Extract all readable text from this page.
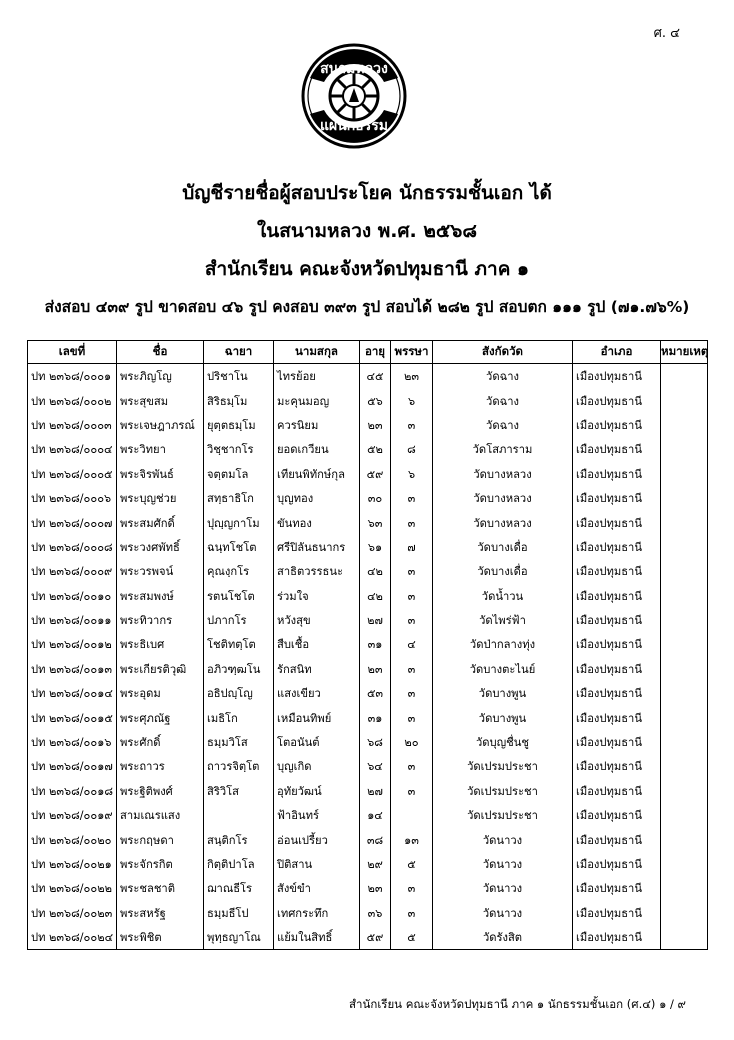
ศ. ๔
สนามหลวง
แผนกธรรม
บัญชีรายชื่อผู้สอบประโยค นักธรรมชั้นเอก ได้
ในสนามหลวง พ.ศ. ๒๕๖๘
สำนักเรียน คณะจังหวัดปทุมธานี ภาค ๑
ส่งสอบ ๔๓๙ รูป ขาดสอบ ๔๖ รูป คงสอบ ๓๙๓ รูป สอบได้ ๒๘๒ รูป สอบตก ๑๑๑ รูป (๗๑.๗๖%)
เลขที่	ชื่อ	ฉายา	นามสกุล	อายุ	พรรษา	สังกัดวัด	อำเภอ	หมายเหตุ
ปท ๒๓๖๘/๐๐๐๑	พระภิญโญ	ปริชาโน	ไทรย้อย	๔๕	๒๓	วัดฉาง	เมืองปทุมธานี	
ปท ๒๓๖๘/๐๐๐๒	พระสุขสม	สิริธมฺโม	มะคุนมอญ	๕๖	๖	วัดฉาง	เมืองปทุมธานี	
ปท ๒๓๖๘/๐๐๐๓	พระเจษฎาภรณ์	ยุตฺตธมฺโม	ควรนิยม	๒๓	๓	วัดฉาง	เมืองปทุมธานี	
ปท ๒๓๖๘/๐๐๐๔	พระวิทยา	วิชฺชากโร	ยอดเกวียน	๕๒	๘	วัดโสภาราม	เมืองปทุมธานี	
ปท ๒๓๖๘/๐๐๐๕	พระจิรพันธ์	จตฺตมโล	เทียนพิทักษ์กุล	๕๙	๖	วัดบางหลวง	เมืองปทุมธานี	
ปท ๒๓๖๘/๐๐๐๖	พระบุญช่วย	สทฺธาธิโก	บุญทอง	๓๐	๓	วัดบางหลวง	เมืองปทุมธานี	
ปท ๒๓๖๘/๐๐๐๗	พระสมศักดิ์	ปุญฺญกาโม	ขันทอง	๖๓	๓	วัดบางหลวง	เมืองปทุมธานี	
ปท ๒๓๖๘/๐๐๐๘	พระวงศพัทธิ์	ฉนฺทโชโต	ศรีปิลันธนากร	๖๑	๗	วัดบางเดื่อ	เมืองปทุมธานี	
ปท ๒๓๖๘/๐๐๐๙	พระวรพจน์	คุณงฺกโร	สาธิตวรรธนะ	๔๒	๓	วัดบางเดื่อ	เมืองปทุมธานี	
ปท ๒๓๖๘/๐๐๑๐	พระสมพงษ์	รตนโชโต	ร่วมใจ	๔๒	๓	วัดน้ำวน	เมืองปทุมธานี	
ปท ๒๓๖๘/๐๐๑๑	พระทิวากร	ปภากโร	หวังสุข	๒๗	๓	วัดไพร่ฟ้า	เมืองปทุมธานี	
ปท ๒๓๖๘/๐๐๑๒	พระธิเบศ	โชติทตฺโต	สืบเชื้อ	๓๑	๔	วัดป่ากลางทุ่ง	เมืองปทุมธานี	
ปท ๒๓๖๘/๐๐๑๓	พระเกียรติวุฒิ	อภิวฑฺฒโน	รักสนิท	๒๓	๓	วัดบางตะไนย์	เมืองปทุมธานี	
ปท ๒๓๖๘/๐๐๑๔	พระอุดม	อธิปญฺโญ	แสงเขียว	๕๓	๓	วัดบางพูน	เมืองปทุมธานี	
ปท ๒๓๖๘/๐๐๑๕	พระศุภณัฐ	เมธิโก	เหมือนทิพย์	๓๑	๓	วัดบางพูน	เมืองปทุมธานี	
ปท ๒๓๖๘/๐๐๑๖	พระศักดิ์	ธมฺมวิโส	โตอนันต์	๖๘	๒๐	วัดบุญชื่นชู	เมืองปทุมธานี	
ปท ๒๓๖๘/๐๐๑๗	พระถาวร	ถาวรจิตฺโต	บุญเกิด	๖๔	๓	วัดเปรมประชา	เมืองปทุมธานี	
ปท ๒๓๖๘/๐๐๑๘	พระฐิติพงศ์	สิริวิโส	อุทัยวัฒน์	๒๗	๓	วัดเปรมประชา	เมืองปทุมธานี	
ปท ๒๓๖๘/๐๐๑๙	สามเณรแสง		ฟ้าอินทร์	๑๔		วัดเปรมประชา	เมืองปทุมธานี	
ปท ๒๓๖๘/๐๐๒๐	พระกฤษดา	สนฺติกโร	อ่อนเปรี้ยว	๓๘	๑๓	วัดนาวง	เมืองปทุมธานี	
ปท ๒๓๖๘/๐๐๒๑	พระจักรกิต	กิตฺติปาโล	ปิติสาน	๒๙	๕	วัดนาวง	เมืองปทุมธานี	
ปท ๒๓๖๘/๐๐๒๒	พระชลชาติ	ฌาณธีโร	สังข์ขำ	๒๓	๓	วัดนาวง	เมืองปทุมธานี	
ปท ๒๓๖๘/๐๐๒๓	พระสหรัฐ	ธมฺมธีโป	เทศกระทึก	๓๖	๓	วัดนาวง	เมืองปทุมธานี	
ปท ๒๓๖๘/๐๐๒๔	พระพิชิต	พุทฺธญาโณ	แย้มในสิทธิ์	๕๙	๕	วัดรังสิต	เมืองปทุมธานี	
สำนักเรียน คณะจังหวัดปทุมธานี ภาค ๑ นักธรรมชั้นเอก (ศ.๔) ๑ / ๙
